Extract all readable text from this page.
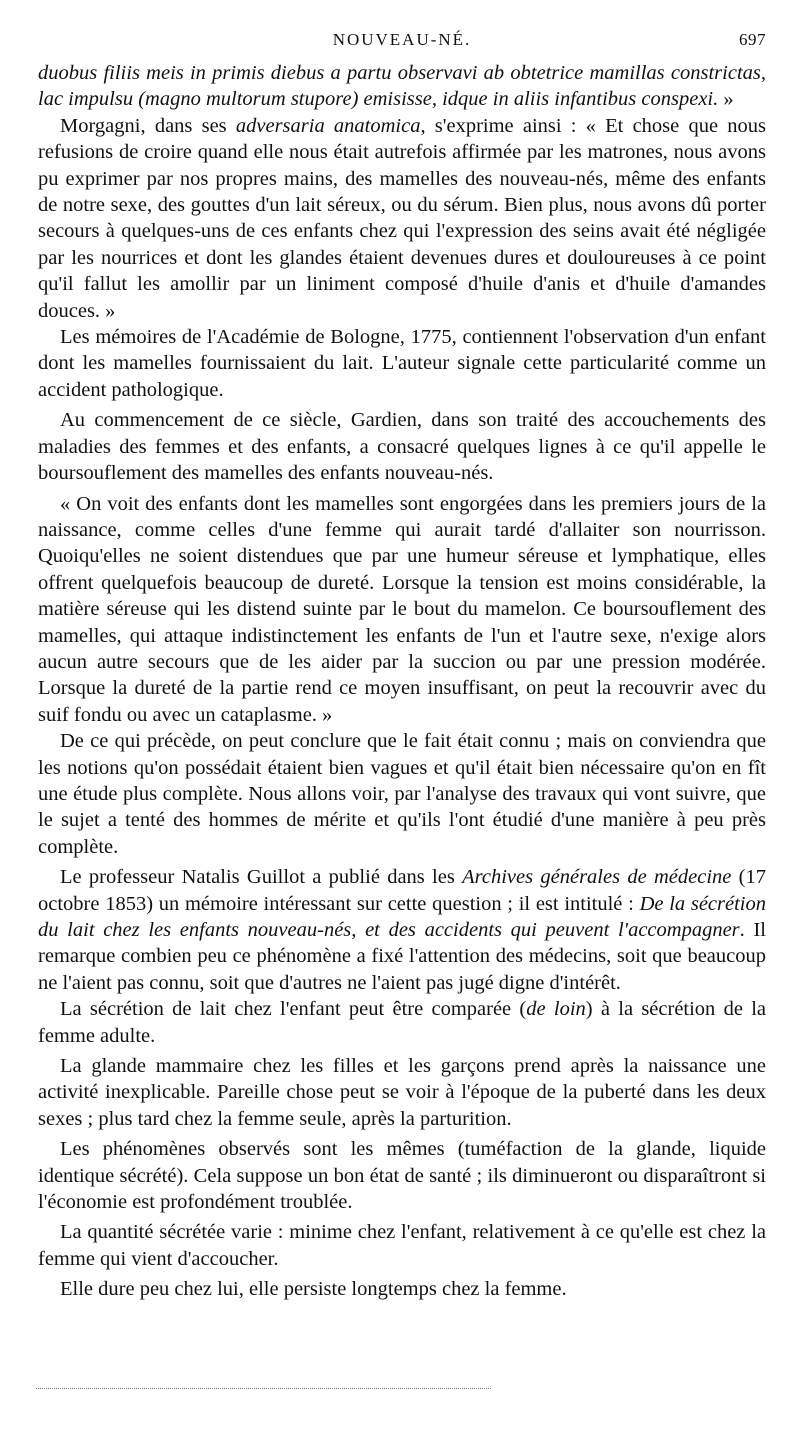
NOUVEAU-NÉ.	697

duobus filiis meis in primis diebus a partu observavi ab obtetrice mamillas constrictas, lac impulsu (magno multorum stupore) emisisse, idque in aliis infantibus conspexi. »

Morgagni, dans ses adversaria anatomica, s'exprime ainsi : « Et chose que nous refusions de croire quand elle nous était autrefois affirmée par les matrones, nous avons pu exprimer par nos propres mains, des mamelles des nouveau-nés, même des enfants de notre sexe, des gouttes d'un lait séreux, ou du sérum. Bien plus, nous avons dû porter secours à quelques-uns de ces enfants chez qui l'expression des seins avait été négligée par les nourrices et dont les glandes étaient devenues dures et douloureuses à ce point qu'il fallut les amollir par un liniment composé d'huile d'anis et d'huile d'amandes douces. »

Les mémoires de l'Académie de Bologne, 1775, contiennent l'observation d'un enfant dont les mamelles fournissaient du lait. L'auteur signale cette particularité comme un accident pathologique.

Au commencement de ce siècle, Gardien, dans son traité des accouchements des maladies des femmes et des enfants, a consacré quelques lignes à ce qu'il appelle le boursouflement des mamelles des enfants nouveau-nés.

« On voit des enfants dont les mamelles sont engorgées dans les premiers jours de la naissance, comme celles d'une femme qui aurait tardé d'allaiter son nourrisson. Quoiqu'elles ne soient distendues que par une humeur séreuse et lymphatique, elles offrent quelquefois beaucoup de dureté. Lorsque la tension est moins considérable, la matière séreuse qui les distend suinte par le bout du mamelon. Ce boursouflement des mamelles, qui attaque indistinctement les enfants de l'un et l'autre sexe, n'exige alors aucun autre secours que de les aider par la succion ou par une pression modérée. Lorsque la dureté de la partie rend ce moyen insuffisant, on peut la recouvrir avec du suif fondu ou avec un cataplasme. »

De ce qui précède, on peut conclure que le fait était connu ; mais on conviendra que les notions qu'on possédait étaient bien vagues et qu'il était bien nécessaire qu'on en fît une étude plus complète. Nous allons voir, par l'analyse des travaux qui vont suivre, que le sujet a tenté des hommes de mérite et qu'ils l'ont étudié d'une manière à peu près complète.

Le professeur Natalis Guillot a publié dans les Archives générales de médecine (17 octobre 1853) un mémoire intéressant sur cette question ; il est intitulé : De la sécrétion du lait chez les enfants nouveau-nés, et des accidents qui peuvent l'accompagner. Il remarque combien peu ce phénomène a fixé l'attention des médecins, soit que beaucoup ne l'aient pas connu, soit que d'autres ne l'aient pas jugé digne d'intérêt.

La sécrétion de lait chez l'enfant peut être comparée (de loin) à la sécrétion de la femme adulte.

La glande mammaire chez les filles et les garçons prend après la naissance une activité inexplicable. Pareille chose peut se voir à l'époque de la puberté dans les deux sexes ; plus tard chez la femme seule, après la parturition.

Les phénomènes observés sont les mêmes (tuméfaction de la glande, liquide identique sécrété). Cela suppose un bon état de santé ; ils diminueront ou disparaîtront si l'économie est profondément troublée.

La quantité sécrétée varie : minime chez l'enfant, relativement à ce qu'elle est chez la femme qui vient d'accoucher.

Elle dure peu chez lui, elle persiste longtemps chez la femme.
